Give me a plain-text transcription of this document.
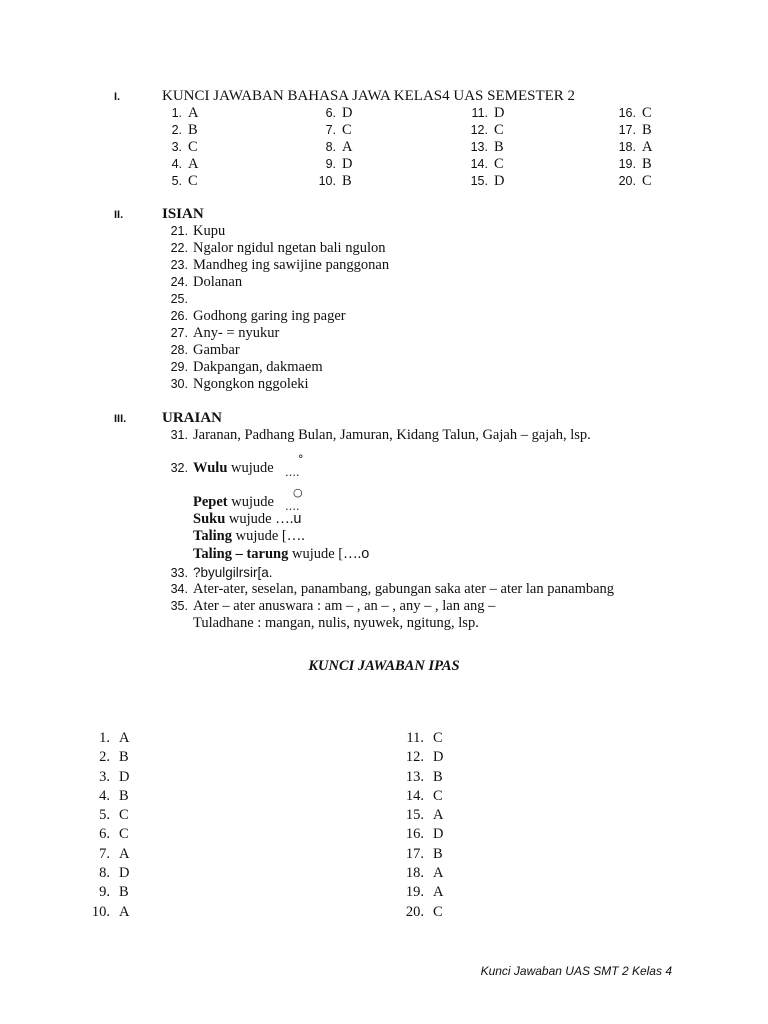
I.	KUNCI JAWABAN BAHASA JAWA KELAS4 UAS SEMESTER 2
1. A
2. B
3. C
4. A
5. C
6. D
7. C
8. A
9. D
10. B
11. D
12. C
13. B
14. C
15. D
16. C
17. B
18. A
19. B
20. C
II.	ISIAN
21. Kupu
22. Ngalor ngidul ngetan bali ngulon
23. Mandheg ing sawijine panggonan
24. Dolanan
25.
26. Godhong garing ing pager
27. Any- = nyukur
28. Gambar
29. Dakpangan, dakmaem
30. Ngongkon nggoleki
III. URAIAN
31. Jaranan, Padhang Bulan, Jamuran, Kidang Talun, Gajah – gajah, lsp.
32. Wulu wujude
°
….
Pepet wujude
○
….
Suku wujude ….u
Taling wujude [….
Taling – tarung wujude [….o
33. ?byulgilrsir[a.
34. Ater-ater, seselan, panambang, gabungan saka ater – ater lan panambang
35. Ater – ater anuswara : am – , an – , any – , lan ang –
Tuladhane : mangan, nulis, nyuwek, ngitung, lsp.
KUNCI JAWABAN IPAS
1. A
2. B
3. D
4. B
5. C
6. C
7. A
8. D
9. B
10. A
11. C
12. D
13. B
14. C
15. A
16. D
17. B
18. A
19. A
20. C
Kunci Jawaban UAS SMT 2 Kelas 4
